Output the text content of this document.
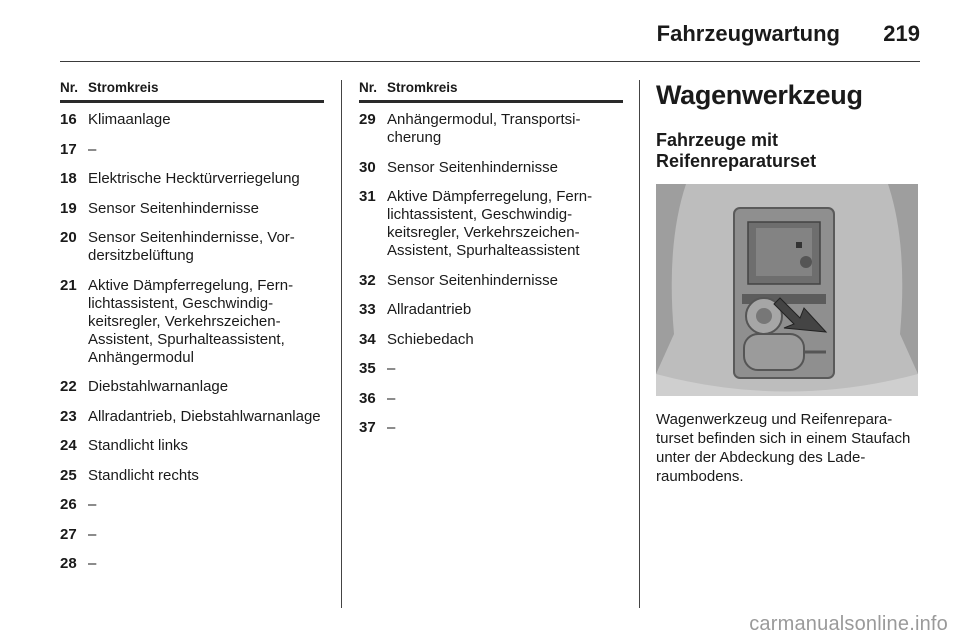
Fahrzeugwartung 219
Nr. Stromkreis
16 Klimaanlage
17 –
18 Elektrische Hecktürverriegelung
19 Sensor Seitenhindernisse
20 Sensor Seitenhindernisse, Vordersitzbelüftung
21 Aktive Dämpferregelung, Fernlichtassistent, Geschwindigkeitsregler, Verkehrszeichen-Assistent, Spurhalteassistent, Anhängermodul
22 Diebstahlwarnanlage
23 Allradantrieb, Diebstahlwarnanlage
24 Standlicht links
25 Standlicht rechts
26 –
27 –
28 –
Nr. Stromkreis
29 Anhängermodul, Transportsicherung
30 Sensor Seitenhindernisse
31 Aktive Dämpferregelung, Fernlichtassistent, Geschwindigkeitsregler, Verkehrszeichen-Assistent, Spurhalteassistent
32 Sensor Seitenhindernisse
33 Allradantrieb
34 Schiebedach
35 –
36 –
37 –
Wagenwerkzeug
Fahrzeuge mit Reifenreparaturset
Wagenwerkzeug und Reifenreparaturset befinden sich in einem Staufach unter der Abdeckung des Laderaumbodens.
carmanualsonline.info
